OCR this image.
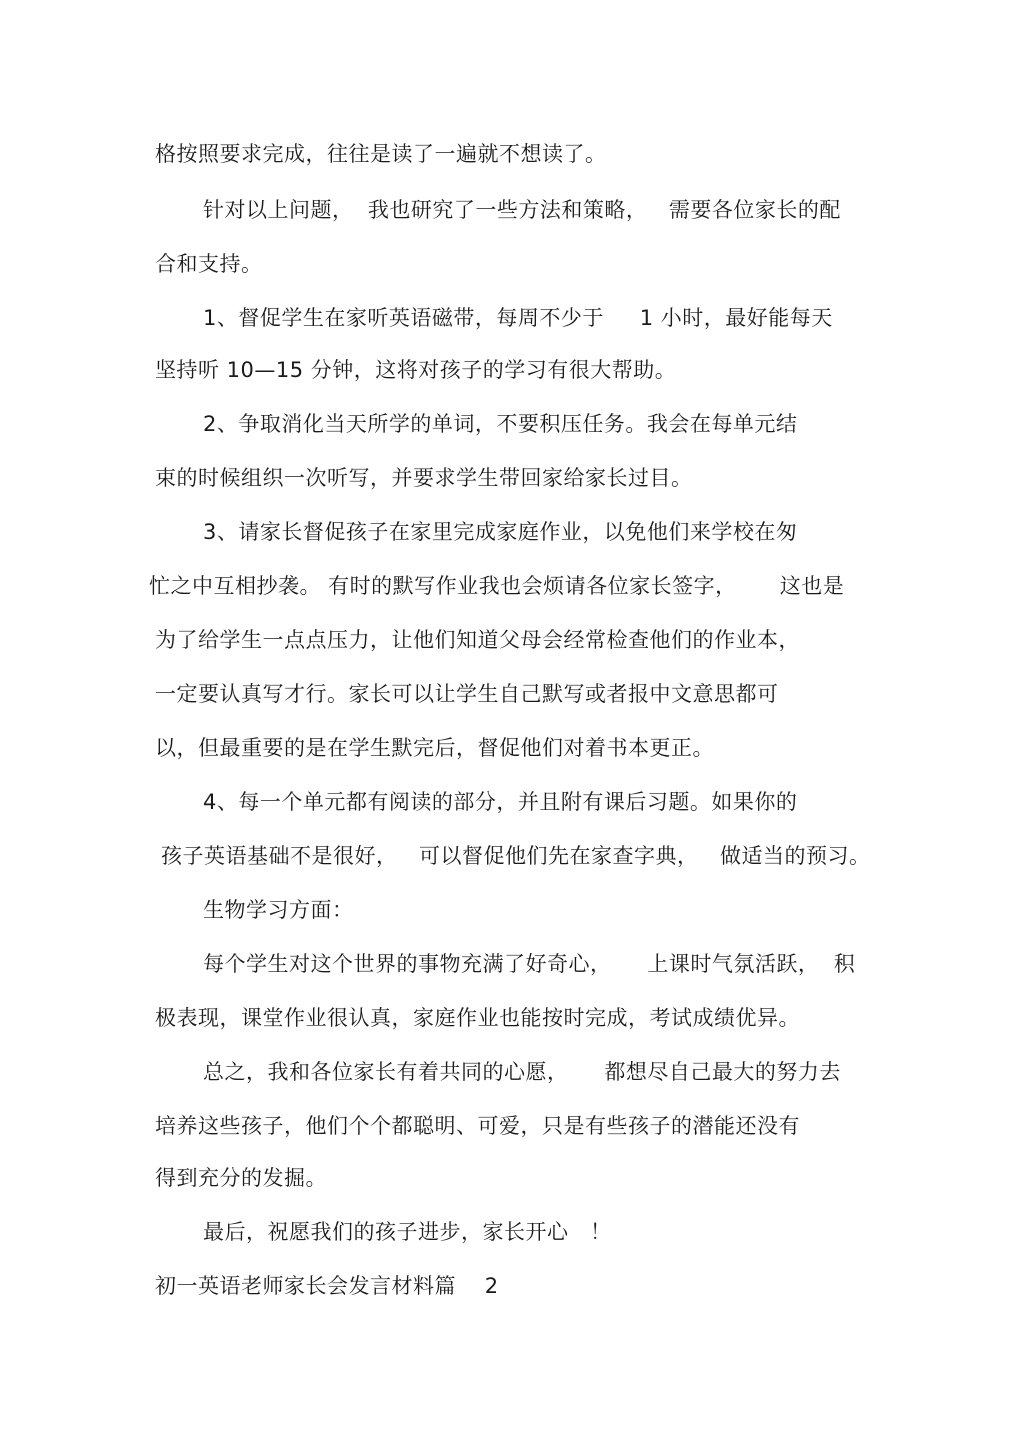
格按照要求完成，往往是读了一遍就不想读了。
针对以上问题，  我也研究了一些方法和策略，   需要各位家长的配
合和支持。
1、督促学生在家听英语磁带，每周不少于     1 小时，最好能每天
坚持听 10—15 分钟，这将对孩子的学习有很大帮助。
2、争取消化当天所学的单词，不要积压任务。我会在每单元结
束的时候组织一次听写，并要求学生带回家给家长过目。
3、请家长督促孩子在家里完成家庭作业，以免他们来学校在匆
忙之中互相抄袭。 有时的默写作业我也会烦请各位家长签字，      这也是
为了给学生一点点压力，让他们知道父母会经常检查他们的作业本，
一定要认真写才行。家长可以让学生自己默写或者报中文意思都可
以，但最重要的是在学生默完后，督促他们对着书本更正。
4、每一个单元都有阅读的部分，并且附有课后习题。如果你的
孩子英语基础不是很好，   可以督促他们先在家查字典，   做适当的预习。
生物学习方面：
每个学生对这个世界的事物充满了好奇心，     上课时气氛活跃，  积
极表现，课堂作业很认真，家庭作业也能按时完成，考试成绩优异。
总之，我和各位家长有着共同的心愿，     都想尽自己最大的努力去
培养这些孩子，他们个个都聪明、可爱，只是有些孩子的潜能还没有
得到充分的发掘。
最后，祝愿我们的孩子进步，家长开心   ！
初一英语老师家长会发言材料篇    2
